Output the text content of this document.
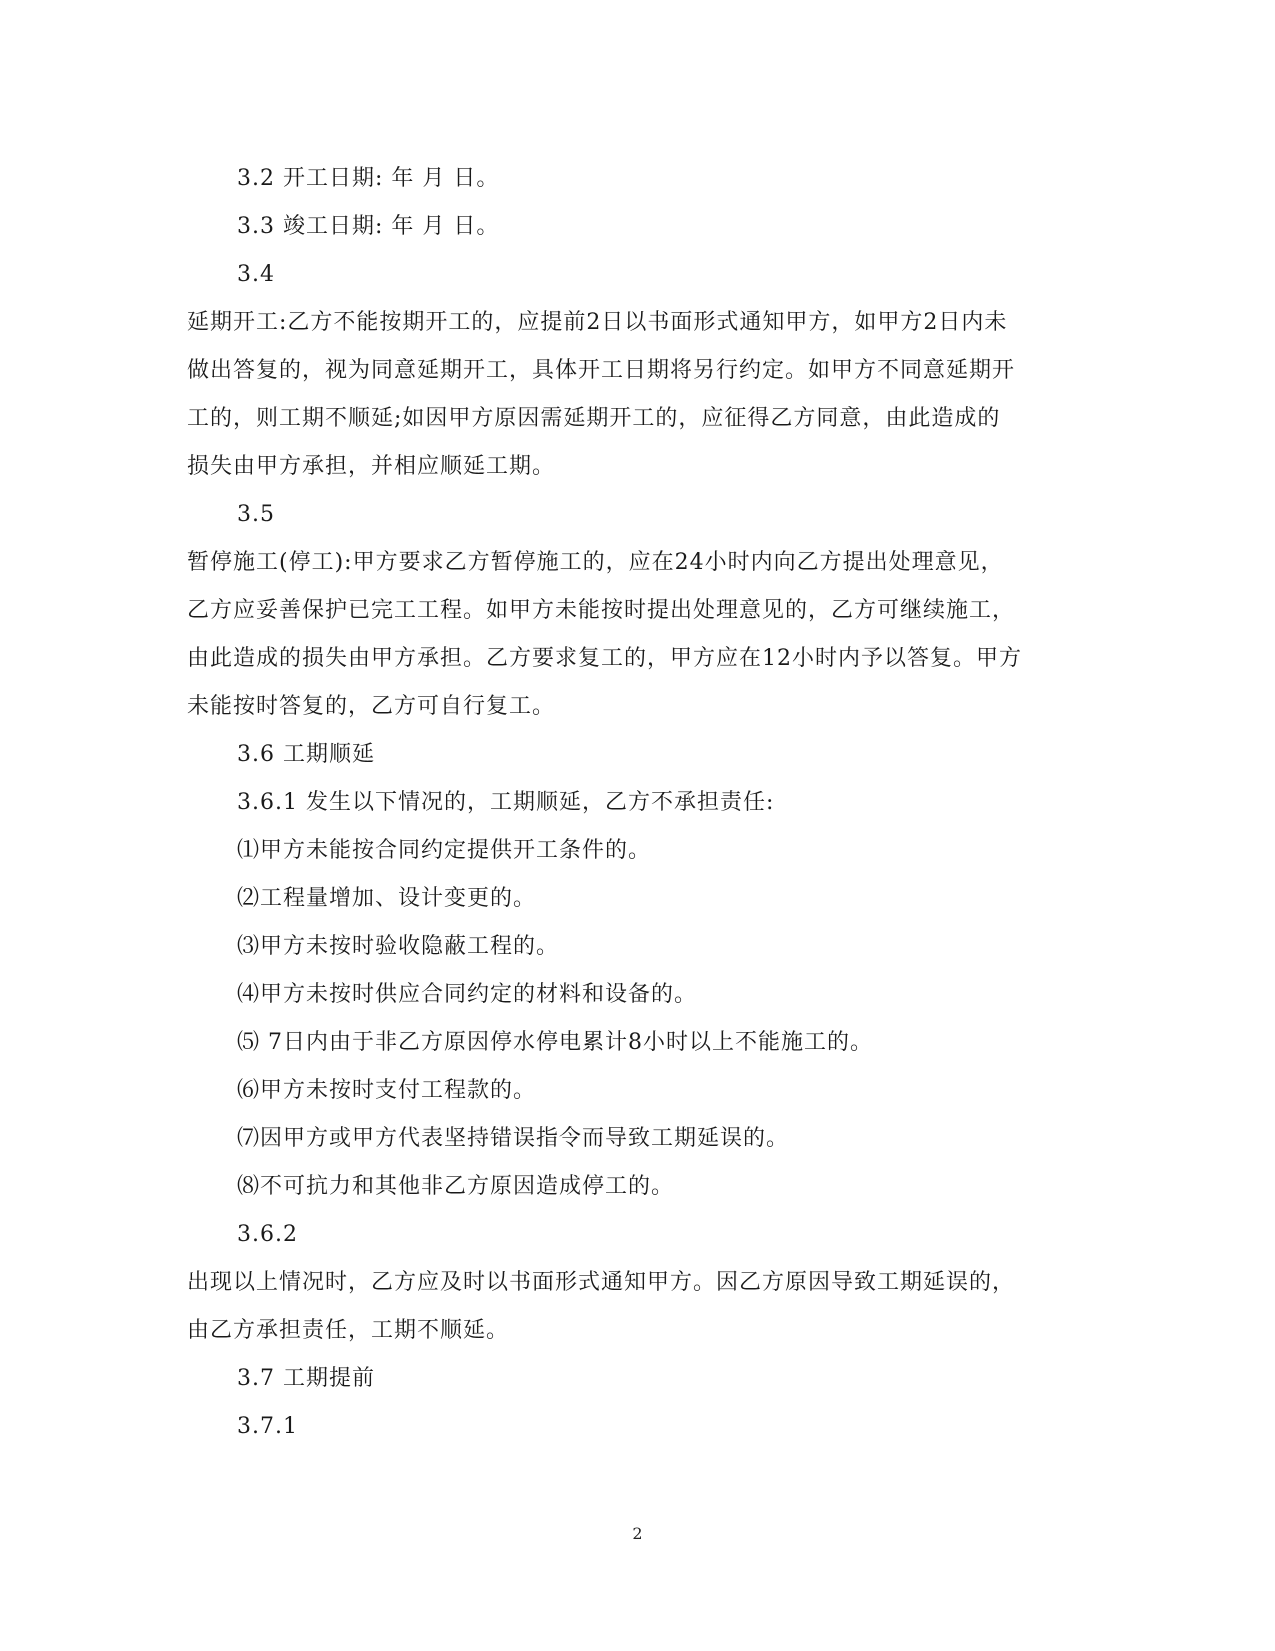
3.2 开工日期: 年 月 日。
3.3 竣工日期: 年 月 日。
3.4
延期开工:乙方不能按期开工的，应提前2日以书面形式通知甲方，如甲方2日内未
做出答复的，视为同意延期开工，具体开工日期将另行约定。如甲方不同意延期开
工的，则工期不顺延;如因甲方原因需延期开工的，应征得乙方同意，由此造成的
损失由甲方承担，并相应顺延工期。
3.5
暂停施工(停工):甲方要求乙方暂停施工的，应在24小时内向乙方提出处理意见，
乙方应妥善保护已完工工程。如甲方未能按时提出处理意见的，乙方可继续施工，
由此造成的损失由甲方承担。乙方要求复工的，甲方应在12小时内予以答复。甲方
未能按时答复的，乙方可自行复工。
3.6 工期顺延
3.6.1 发生以下情况的，工期顺延，乙方不承担责任:
⑴甲方未能按合同约定提供开工条件的。
⑵工程量增加、设计变更的。
⑶甲方未按时验收隐蔽工程的。
⑷甲方未按时供应合同约定的材料和设备的。
⑸ 7日内由于非乙方原因停水停电累计8小时以上不能施工的。
⑹甲方未按时支付工程款的。
⑺因甲方或甲方代表坚持错误指令而导致工期延误的。
⑻不可抗力和其他非乙方原因造成停工的。
3.6.2
出现以上情况时，乙方应及时以书面形式通知甲方。因乙方原因导致工期延误的，
由乙方承担责任，工期不顺延。
3.7 工期提前
3.7.1
2
